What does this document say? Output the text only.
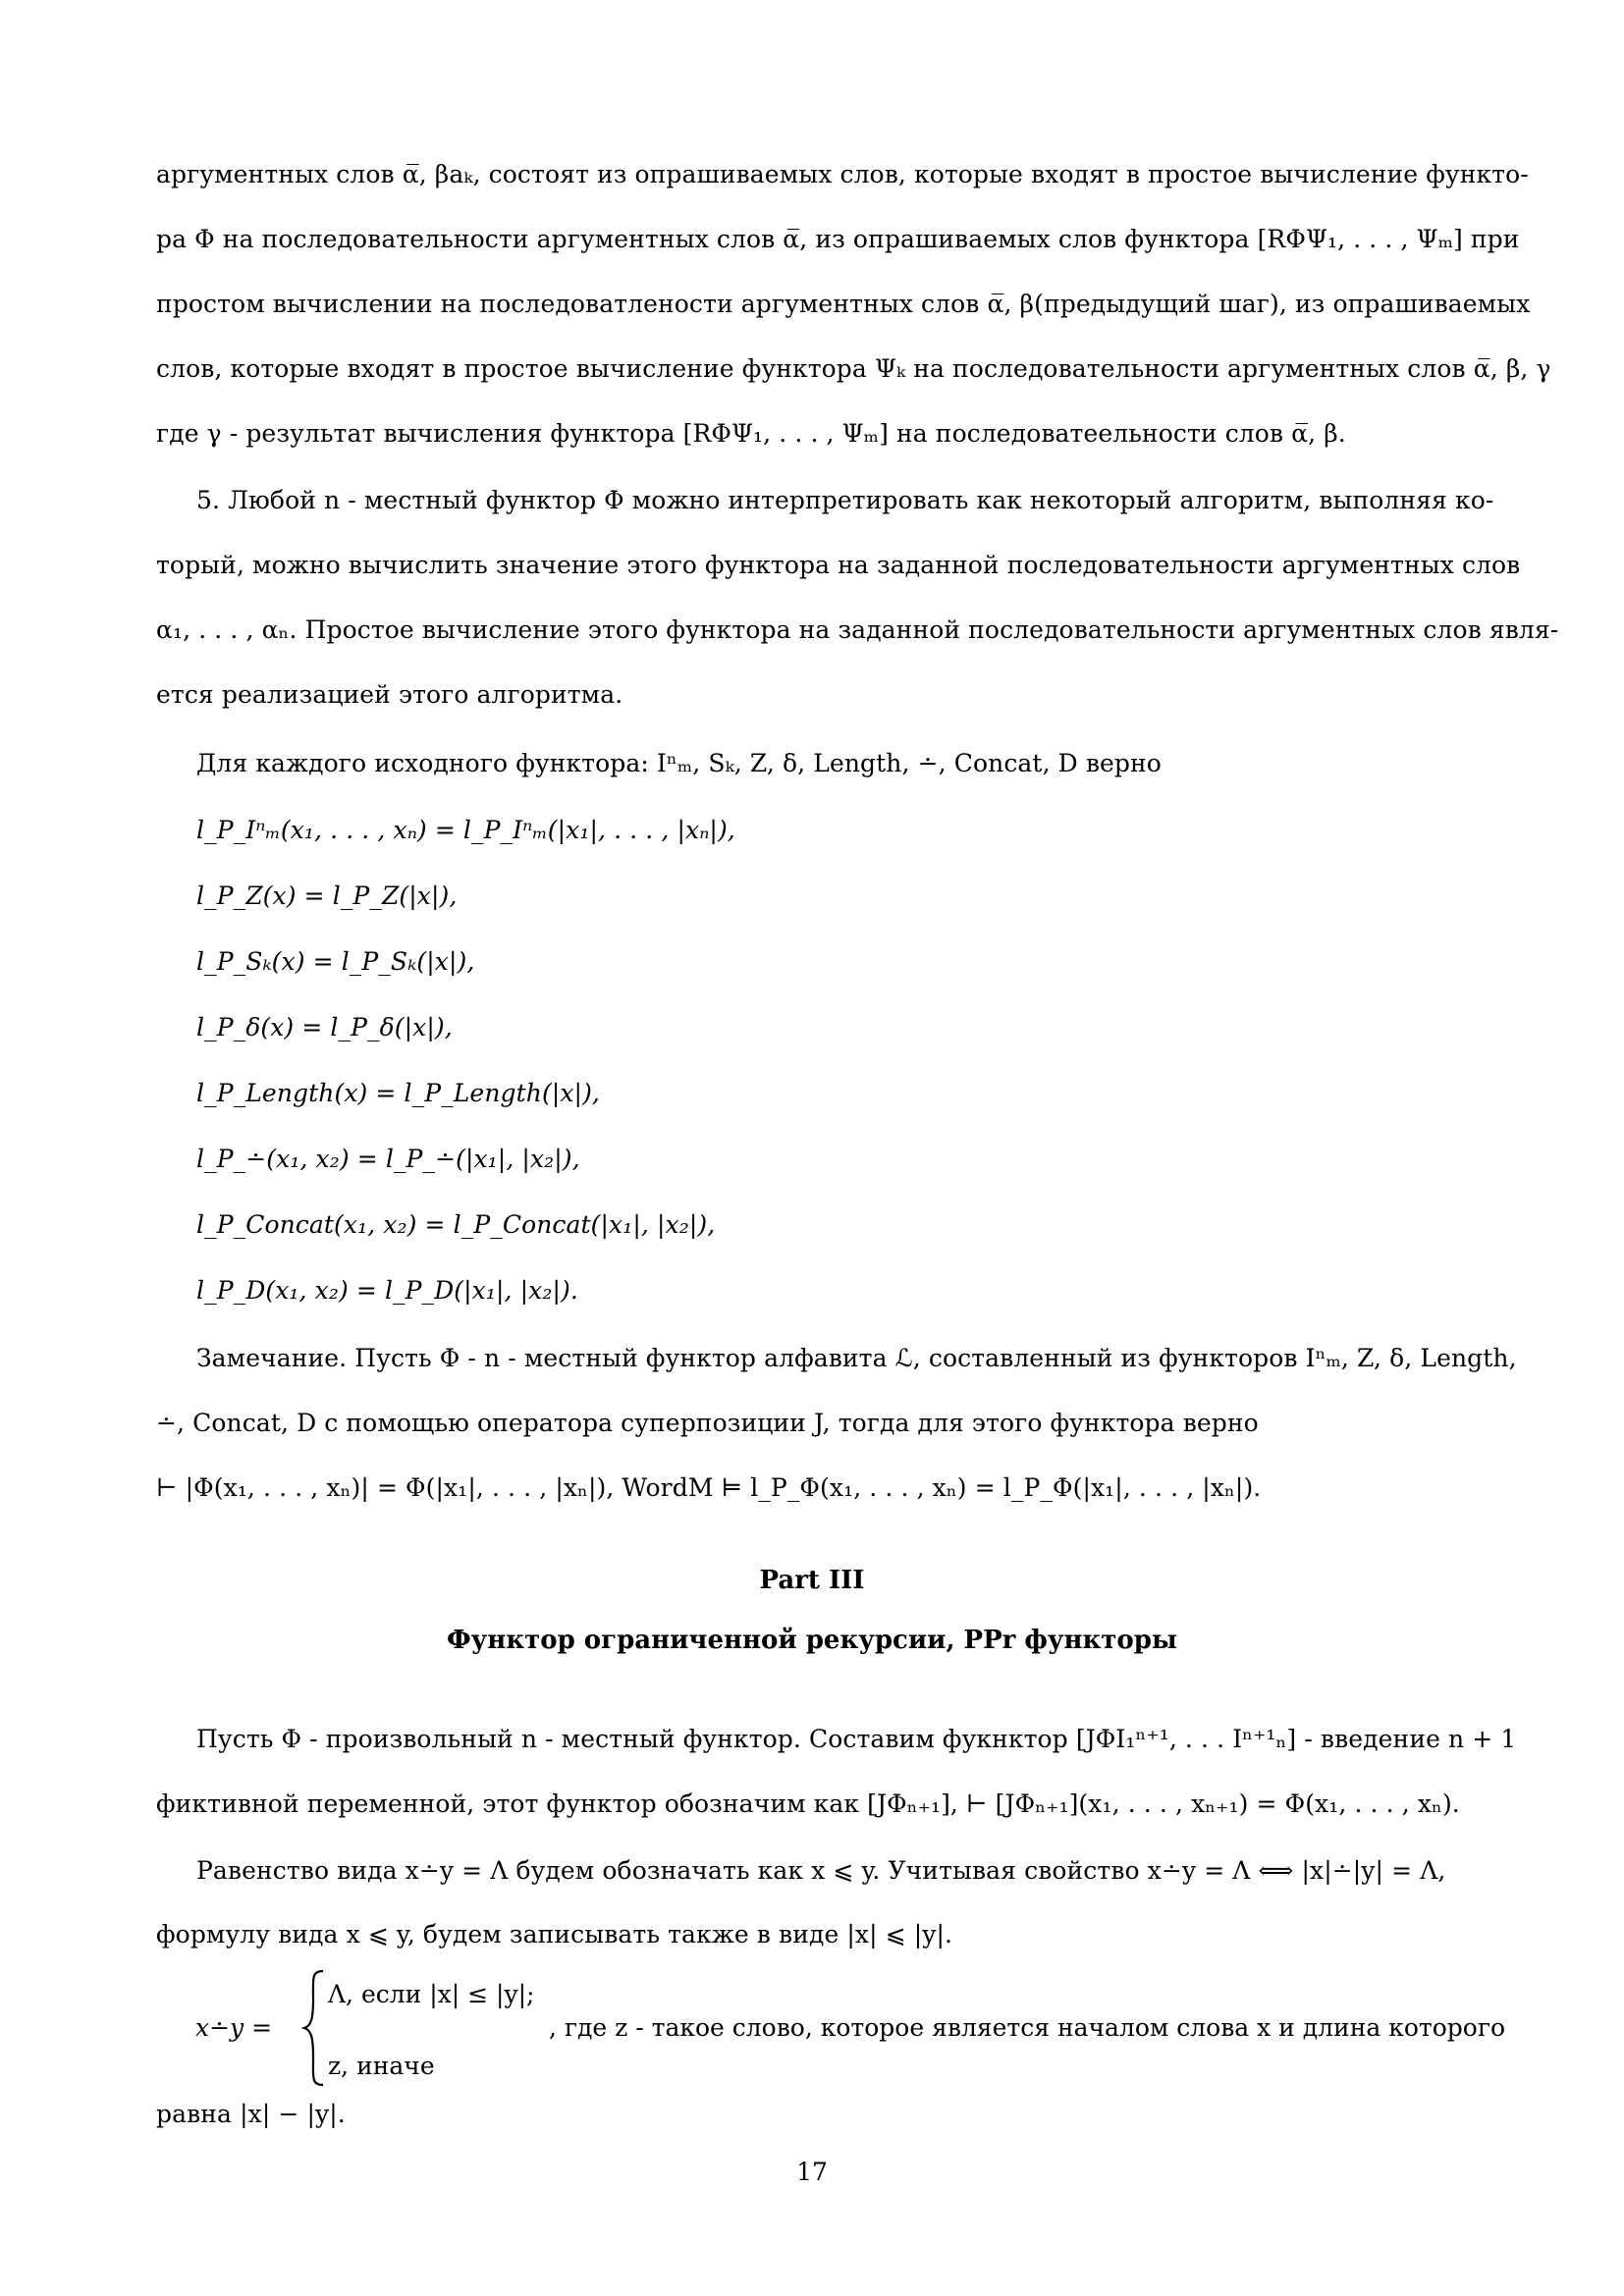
аргументных слов α̅, βaₖ, состоят из опрашиваемых слов, которые входят в простое вычисление функто-
ра Φ на последовательности аргументных слов α̅, из опрашиваемых слов функтора [RΦΨ₁, . . . , Ψₘ] при
простом вычислении на последоватлености аргументных слов α̅, β(предыдущий шаг), из опрашиваемых
слов, которые входят в простое вычисление функтора Ψₖ на последовательности аргументных слов α̅, β, γ
где γ - результат вычисления функтора [RΦΨ₁, . . . , Ψₘ] на последоватеельности слов α̅, β.
5. Любой n - местный функтор Φ можно интерпретировать как некоторый алгоритм, выполняя ко-
торый, можно вычислить значение этого функтора на заданной последовательности аргументных слов
α₁, . . . , αₙ. Простое вычисление этого функтора на заданной последовательности аргументных слов явля-
ется реализацией этого алгоритма.
Для каждого исходного функтора: Iⁿₘ, Sₖ, Z, δ, Length, ∸, Concat, D верно
l_P_Iⁿₘ(x₁, . . . , xₙ) = l_P_Iⁿₘ(|x₁|, . . . , |xₙ|),
l_P_Z(x) = l_P_Z(|x|),
l_P_Sₖ(x) = l_P_Sₖ(|x|),
l_P_δ(x) = l_P_δ(|x|),
l_P_Length(x) = l_P_Length(|x|),
l_P_∸(x₁, x₂) = l_P_∸(|x₁|, |x₂|),
l_P_Concat(x₁, x₂) = l_P_Concat(|x₁|, |x₂|),
l_P_D(x₁, x₂) = l_P_D(|x₁|, |x₂|).
Замечание. Пусть Φ - n - местный функтор алфавита ℒ, составленный из функторов Iⁿₘ, Z, δ, Length,
∸, Concat, D с помощью оператора суперпозиции J, тогда для этого функтора верно
⊢ |Φ(x₁, . . . , xₙ)| = Φ(|x₁|, . . . , |xₙ|), WordM ⊨ l_P_Φ(x₁, . . . , xₙ) = l_P_Φ(|x₁|, . . . , |xₙ|).
Part III
Функтор ограниченной рекурсии, PPr функторы
Пусть Φ - произвольный n - местный функтор. Составим фукнктор [JΦI₁ⁿ⁺¹, . . . Iⁿ⁺¹ₙ] - введение n + 1
фиктивной переменной, этот функтор обозначим как [JΦₙ₊₁], ⊢ [JΦₙ₊₁](x₁, . . . , xₙ₊₁) = Φ(x₁, . . . , xₙ).
Равенство вида x∸y = Λ будем обозначать как x ⩽ y. Учитывая свойство x∸y = Λ ⟺ |x|∸|y| = Λ,
формулу вида x ⩽ y, будем записывать также в виде |x| ⩽ |y|.
x∸y =
Λ, если |x| ≤ |y|;
z, иначе
, где z - такое слово, которое является началом слова x и длина которого
равна |x| − |y|.
17
